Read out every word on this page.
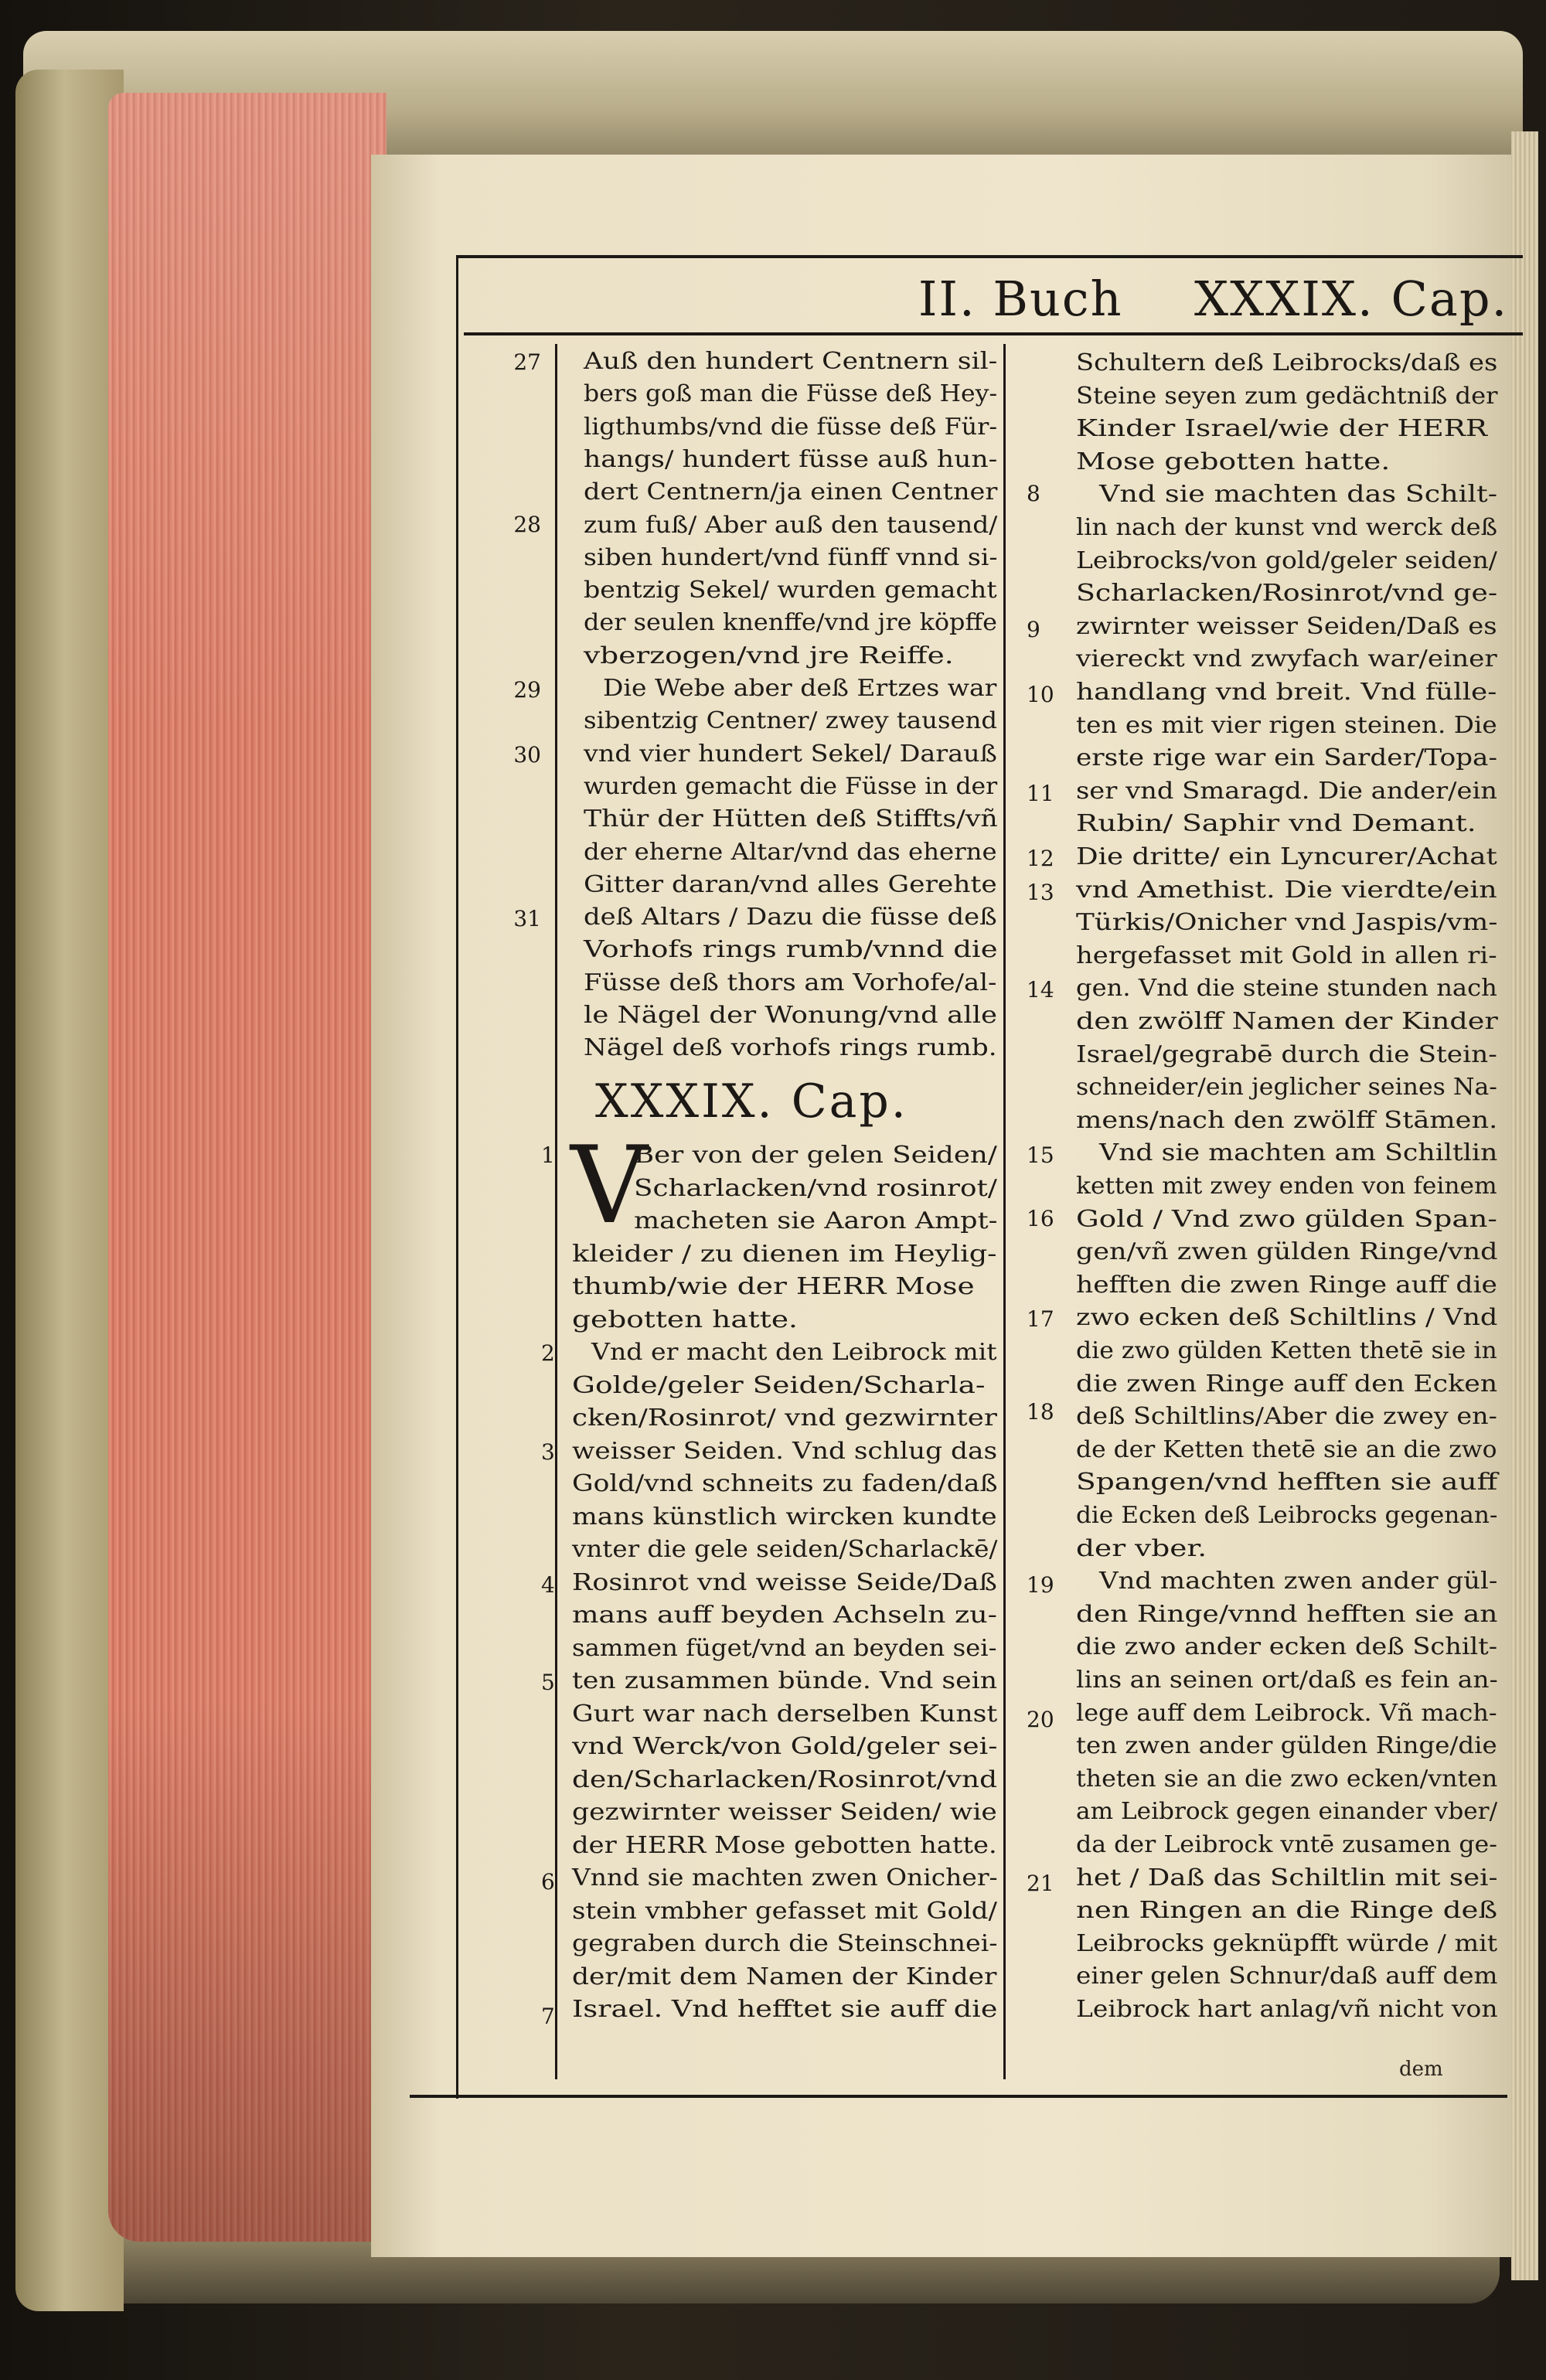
II. Buch XXXIX. Cap.
XXXIX. Cap.
V
Auß den hundert Centnern sil-
bers goß man die Füsse deß Hey-
ligthumbs/vnd die füsse deß Für-
hangs/ hundert füsse auß hun-
dert Centnern/ja einen Centner
zum fuß/ Aber auß den tausend/
siben hundert/vnd fünff vnnd si-
bentzig Sekel/ wurden gemacht
der seulen knenffe/vnd jre köpffe
vberzogen/vnd jre Reiffe.
Die Webe aber deß Ertzes war
sibentzig Centner/ zwey tausend
vnd vier hundert Sekel/ Darauß
wurden gemacht die Füsse in der
Thür der Hütten deß Stiffts/vñ
der eherne Altar/vnd das eherne
Gitter daran/vnd alles Gerehte
deß Altars / Dazu die füsse deß
Vorhofs rings rumb/vnnd die
Füsse deß thors am Vorhofe/al-
le Nägel der Wonung/vnd alle
Nägel deß vorhofs rings rumb.
Ber von der gelen Seiden/
Scharlacken/vnd rosinrot/
macheten sie Aaron Ampt-
kleider / zu dienen im Heylig-
thumb/wie der HERR Mose
gebotten hatte.
Vnd er macht den Leibrock mit
Golde/geler Seiden/Scharla-
cken/Rosinrot/ vnd gezwirnter
weisser Seiden. Vnd schlug das
Gold/vnd schneits zu faden/daß
mans künstlich wircken kundte
vnter die gele seiden/Scharlackē/
Rosinrot vnd weisse Seide/Daß
mans auff beyden Achseln zu-
sammen füget/vnd an beyden sei-
ten zusammen bünde. Vnd sein
Gurt war nach derselben Kunst
vnd Werck/von Gold/geler sei-
den/Scharlacken/Rosinrot/vnd
gezwirnter weisser Seiden/ wie
der HERR Mose gebotten hatte.
Vnnd sie machten zwen Onicher-
stein vmbher gefasset mit Gold/
gegraben durch die Steinschnei-
der/mit dem Namen der Kinder
Israel. Vnd hefftet sie auff die
Schultern deß Leibrocks/daß es
Steine seyen zum gedächtniß der
Kinder Israel/wie der HERR
Mose gebotten hatte.
Vnd sie machten das Schilt-
lin nach der kunst vnd werck deß
Leibrocks/von gold/geler seiden/
Scharlacken/Rosinrot/vnd ge-
zwirnter weisser Seiden/Daß es
viereckt vnd zwyfach war/einer
handlang vnd breit. Vnd fülle-
ten es mit vier rigen steinen. Die
erste rige war ein Sarder/Topa-
ser vnd Smaragd. Die ander/ein
Rubin/ Saphir vnd Demant.
Die dritte/ ein Lyncurer/Achat
vnd Amethist. Die vierdte/ein
Türkis/Onicher vnd Jaspis/vm-
hergefasset mit Gold in allen ri-
gen. Vnd die steine stunden nach
den zwölff Namen der Kinder
Israel/gegrabē durch die Stein-
schneider/ein jeglicher seines Na-
mens/nach den zwölff Stāmen.
Vnd sie machten am Schiltlin
ketten mit zwey enden von feinem
Gold / Vnd zwo gülden Span-
gen/vñ zwen gülden Ringe/vnd
hefften die zwen Ringe auff die
zwo ecken deß Schiltlins / Vnd
die zwo gülden Ketten thetē sie in
die zwen Ringe auff den Ecken
deß Schiltlins/Aber die zwey en-
de der Ketten thetē sie an die zwo
Spangen/vnd hefften sie auff
die Ecken deß Leibrocks gegenan-
der vber.
Vnd machten zwen ander gül-
den Ringe/vnnd hefften sie an
die zwo ander ecken deß Schilt-
lins an seinen ort/daß es fein an-
lege auff dem Leibrock. Vñ mach-
ten zwen ander gülden Ringe/die
theten sie an die zwo ecken/vnten
am Leibrock gegen einander vber/
da der Leibrock vntē zusamen ge-
het / Daß das Schiltlin mit sei-
nen Ringen an die Ringe deß
Leibrocks geknüpfft würde / mit
einer gelen Schnur/daß auff dem
Leibrock hart anlag/vñ nicht von
27
28
29
30
31
1
2
3
4
5
6
7
8
9
10
11
12
13
14
15
16
17
18
19
20
21
dem
